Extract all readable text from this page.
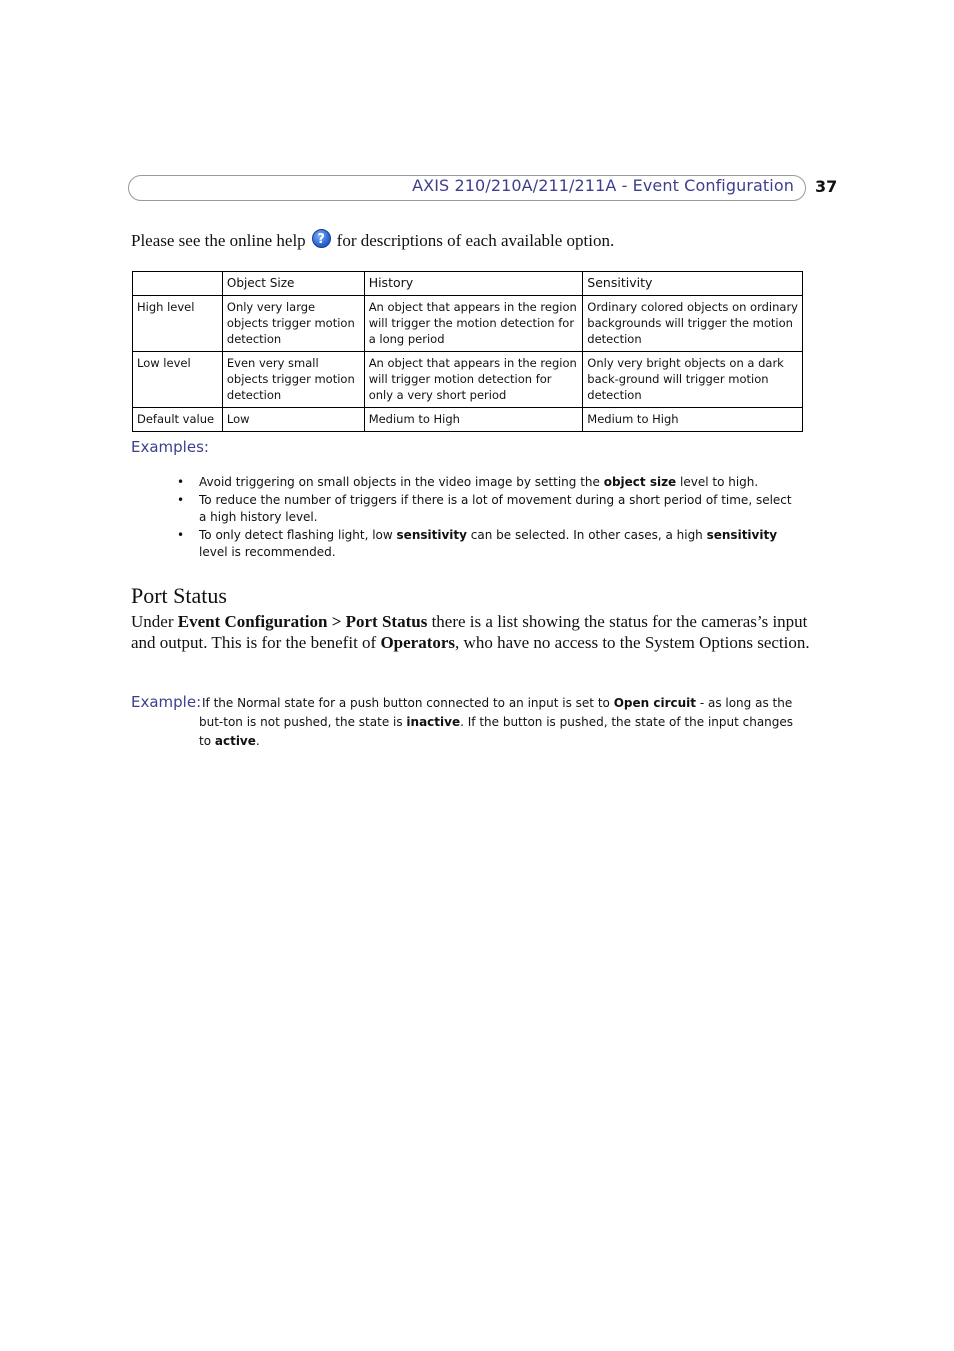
AXIS 210/210A/211/211A - Event Configuration 37
Please see the online help ? for descriptions of each available option.
	Object Size	History	Sensitivity
High level	Only very large objects trigger motion detection	An object that appears in the region will trigger the motion detection for a long period	Ordinary colored objects on ordinary backgrounds will trigger the motion detection
Low level	Even very small objects trigger motion detection	An object that appears in the region will trigger motion detection for only a very short period	Only very bright objects on a dark back-ground will trigger motion detection
Default value	Low	Medium to High	Medium to High
Examples:
• Avoid triggering on small objects in the video image by setting the object size level to high.
• To reduce the number of triggers if there is a lot of movement during a short period of time, select a high history level.
• To only detect flashing light, low sensitivity can be selected. In other cases, a high sensitivity level is recommended.
Port Status
Under Event Configuration > Port Status there is a list showing the status for the cameras’s input and output. This is for the benefit of Operators, who have no access to the System Options section.
Example: If the Normal state for a push button connected to an input is set to Open circuit - as long as the but-ton is not pushed, the state is inactive. If the button is pushed, the state of the input changes to active.
